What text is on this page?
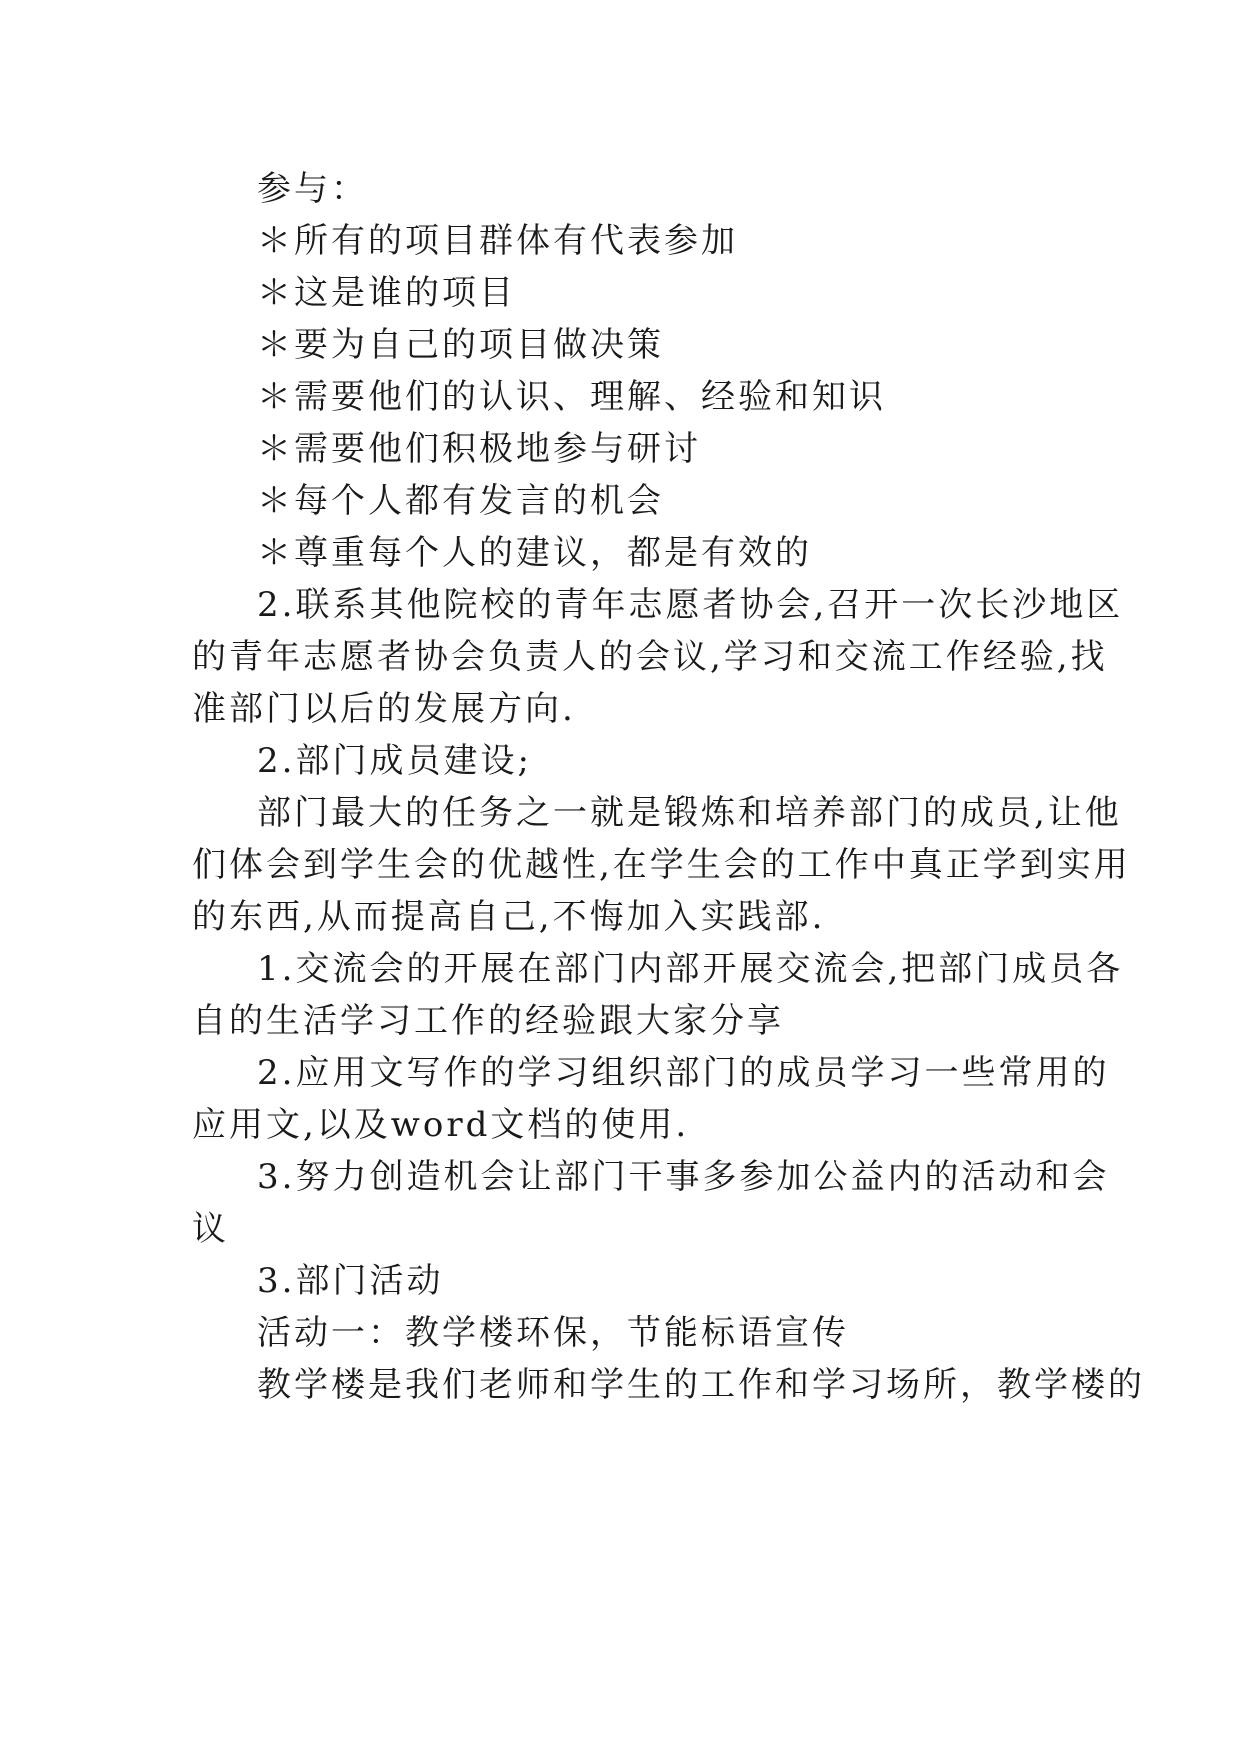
参与：

＊所有的项目群体有代表参加

＊这是谁的项目

＊要为自己的项目做决策

＊需要他们的认识、理解、经验和知识

＊需要他们积极地参与研讨

＊每个人都有发言的机会

＊尊重每个人的建议，都是有效的

2.联系其他院校的青年志愿者协会,召开一次长沙地区

的青年志愿者协会负责人的会议,学习和交流工作经验,找

准部门以后的发展方向.

2.部门成员建设;

部门最大的任务之一就是锻炼和培养部门的成员,让他

们体会到学生会的优越性,在学生会的工作中真正学到实用

的东西,从而提高自己,不悔加入实践部.

1.交流会的开展在部门内部开展交流会,把部门成员各

自的生活学习工作的经验跟大家分享

2.应用文写作的学习组织部门的成员学习一些常用的

应用文,以及word文档的使用.

3.努力创造机会让部门干事多参加公益内的活动和会

议

3.部门活动

活动一：教学楼环保，节能标语宣传

教学楼是我们老师和学生的工作和学习场所，教学楼的
